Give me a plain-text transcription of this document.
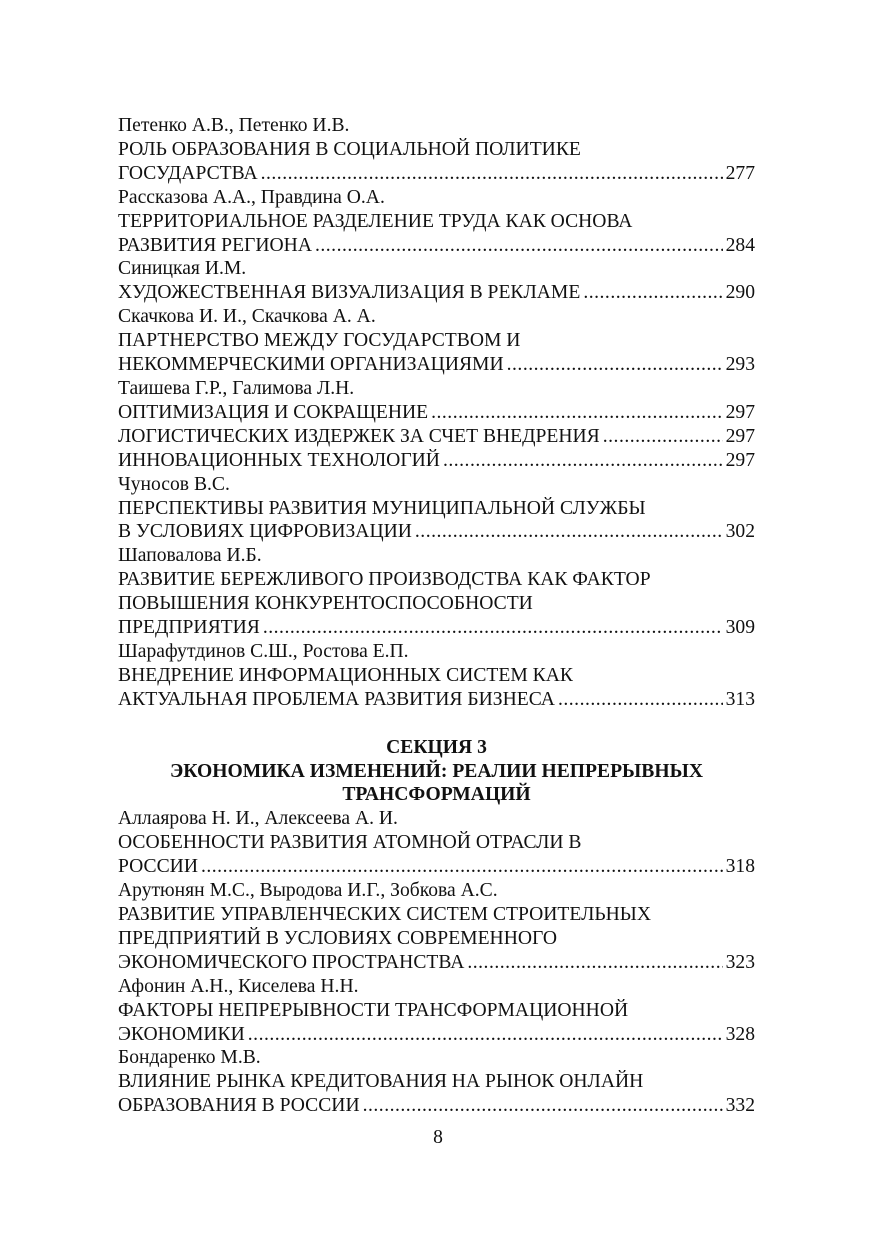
Петенко А.В., Петенко И.В.
РОЛЬ ОБРАЗОВАНИЯ В СОЦИАЛЬНОЙ ПОЛИТИКЕ
ГОСУДАРСТВА .....	277
Рассказова А.А., Правдина О.А.
ТЕРРИТОРИАЛЬНОЕ РАЗДЕЛЕНИЕ ТРУДА КАК ОСНОВА
РАЗВИТИЯ РЕГИОНА .....	284
Синицкая И.М.
ХУДОЖЕСТВЕННАЯ ВИЗУАЛИЗАЦИЯ В РЕКЛАМЕ .....	290
Скачкова И. И., Скачкова А. А.
ПАРТНЕРСТВО МЕЖДУ ГОСУДАРСТВОМ И
НЕКОММЕРЧЕСКИМИ ОРГАНИЗАЦИЯМИ .....	293
Таишева Г.Р., Галимова Л.Н.
ОПТИМИЗАЦИЯ И СОКРАЩЕНИЕ .....	297
ЛОГИСТИЧЕСКИХ ИЗДЕРЖЕК ЗА СЧЕТ ВНЕДРЕНИЯ .....	297
ИННОВАЦИОННЫХ ТЕХНОЛОГИЙ .....	297
Чуносов В.С.
ПЕРСПЕКТИВЫ РАЗВИТИЯ МУНИЦИПАЛЬНОЙ СЛУЖБЫ
В УСЛОВИЯХ ЦИФРОВИЗАЦИИ .....	302
Шаповалова И.Б.
РАЗВИТИЕ БЕРЕЖЛИВОГО ПРОИЗВОДСТВА КАК ФАКТОР
ПОВЫШЕНИЯ КОНКУРЕНТОСПОСОБНОСТИ
ПРЕДПРИЯТИЯ .....	309
Шарафутдинов С.Ш., Ростова Е.П.
ВНЕДРЕНИЕ ИНФОРМАЦИОННЫХ СИСТЕМ КАК
АКТУАЛЬНАЯ ПРОБЛЕМА РАЗВИТИЯ БИЗНЕСА .....	313
СЕКЦИЯ 3
ЭКОНОМИКА ИЗМЕНЕНИЙ: РЕАЛИИ НЕПРЕРЫВНЫХ
ТРАНСФОРМАЦИЙ
Аллаярова Н. И., Алексеева А. И.
ОСОБЕННОСТИ РАЗВИТИЯ АТОМНОЙ ОТРАСЛИ В
РОССИИ .....	318
Арутюнян М.С., Выродова И.Г., Зобкова А.С.
РАЗВИТИЕ УПРАВЛЕНЧЕСКИХ СИСТЕМ СТРОИТЕЛЬНЫХ
ПРЕДПРИЯТИЙ В УСЛОВИЯХ СОВРЕМЕННОГО
ЭКОНОМИЧЕСКОГО ПРОСТРАНСТВА .....	323
Афонин А.Н., Киселева Н.Н.
ФАКТОРЫ НЕПРЕРЫВНОСТИ ТРАНСФОРМАЦИОННОЙ
ЭКОНОМИКИ .....	328
Бондаренко М.В.
ВЛИЯНИЕ РЫНКА КРЕДИТОВАНИЯ НА РЫНОК ОНЛАЙН
ОБРАЗОВАНИЯ В РОССИИ .....	332
8
